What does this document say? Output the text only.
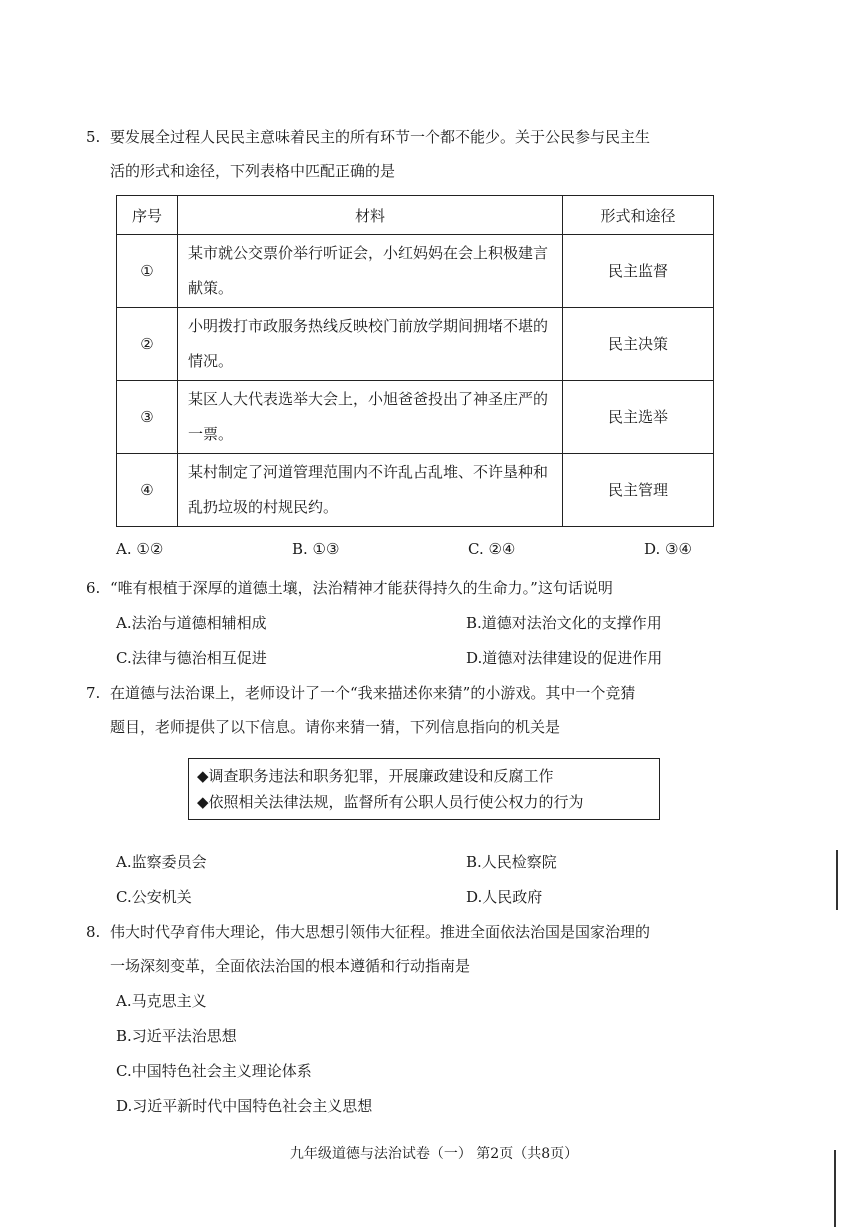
5. 要发展全过程人民民主意味着民主的所有环节一个都不能少。关于公民参与民主生
活的形式和途径，下列表格中匹配正确的是
序号	材料	形式和途径
①	某市就公交票价举行听证会，小红妈妈在会上积极建言献策。	民主监督
②	小明拨打市政服务热线反映校门前放学期间拥堵不堪的情况。	民主决策
③	某区人大代表选举大会上，小旭爸爸投出了神圣庄严的一票。	民主选举
④	某村制定了河道管理范围内不许乱占乱堆、不许垦种和乱扔垃圾的村规民约。	民主管理
A. ①②	B. ①③	C. ②④	D. ③④
6. “唯有根植于深厚的道德土壤，法治精神才能获得持久的生命力。”这句话说明
A.法治与道德相辅相成	B.道德对法治文化的支撑作用
C.法律与德治相互促进	D.道德对法律建设的促进作用
7. 在道德与法治课上，老师设计了一个“我来描述你来猜”的小游戏。其中一个竞猜
题目，老师提供了以下信息。请你来猜一猜，下列信息指向的机关是
◆调查职务违法和职务犯罪，开展廉政建设和反腐工作
◆依照相关法律法规，监督所有公职人员行使公权力的行为
A.监察委员会	B.人民检察院
C.公安机关	D.人民政府
8. 伟大时代孕育伟大理论，伟大思想引领伟大征程。推进全面依法治国是国家治理的
一场深刻变革，全面依法治国的根本遵循和行动指南是
A.马克思主义
B.习近平法治思想
C.中国特色社会主义理论体系
D.习近平新时代中国特色社会主义思想
九年级道德与法治试卷（一） 第2页（共8页）
